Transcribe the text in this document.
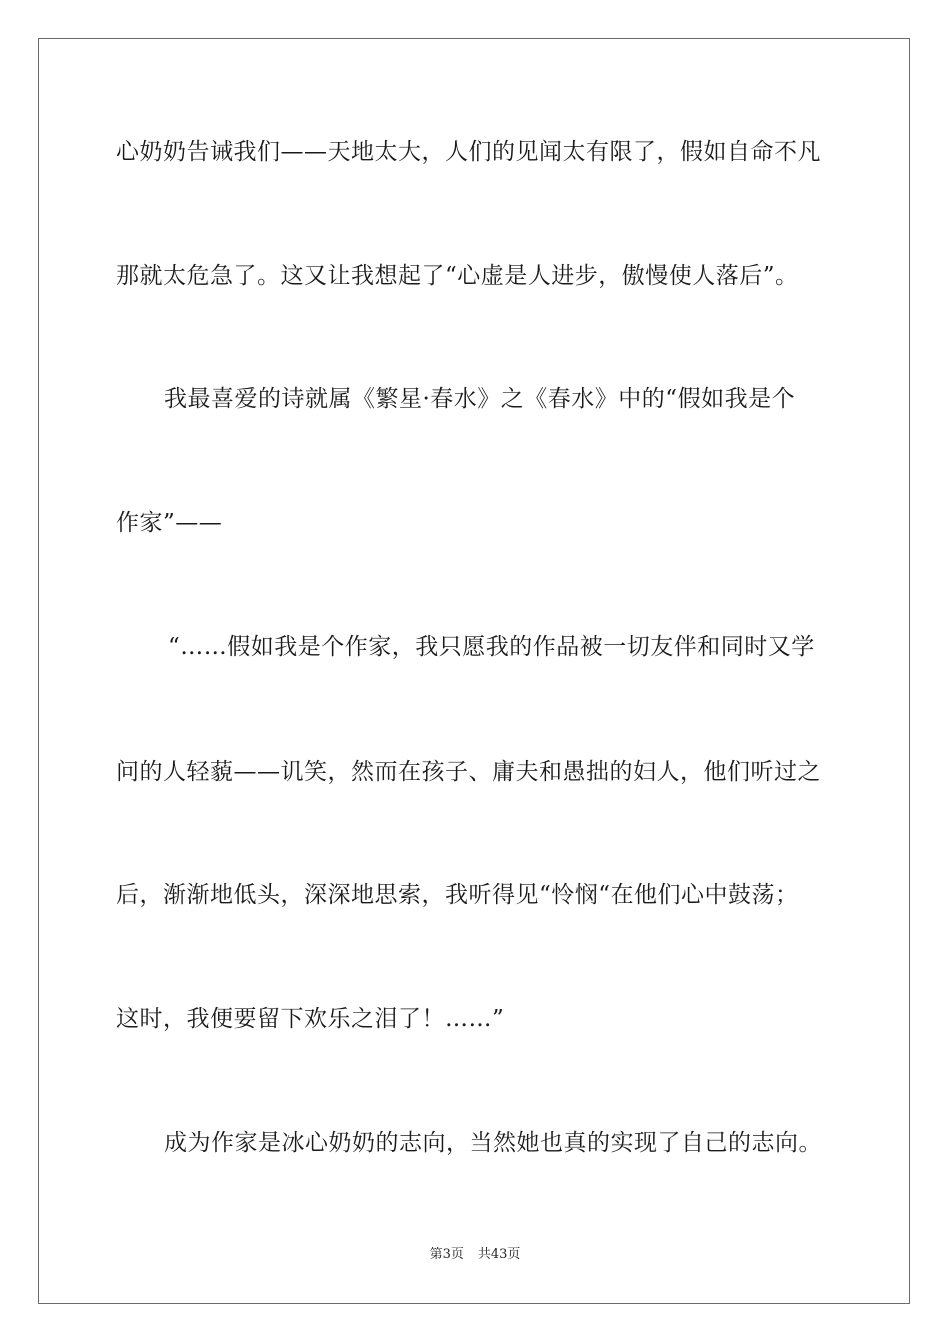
心奶奶告诫我们——天地太大，人们的见闻太有限了，假如自命不凡
那就太危急了。这又让我想起了“心虚是人进步，傲慢使人落后”。
我最喜爱的诗就属《繁星·春水》之《春水》中的“假如我是个
作家”——
“……假如我是个作家，我只愿我的作品被一切友伴和同时又学
问的人轻藐——讥笑，然而在孩子、庸夫和愚拙的妇人，他们听过之
后，渐渐地低头，深深地思索，我听得见“怜悯“在他们心中鼓荡；
这时，我便要留下欢乐之泪了！……”
成为作家是冰心奶奶的志向，当然她也真的实现了自己的志向。
第3页 共43页
